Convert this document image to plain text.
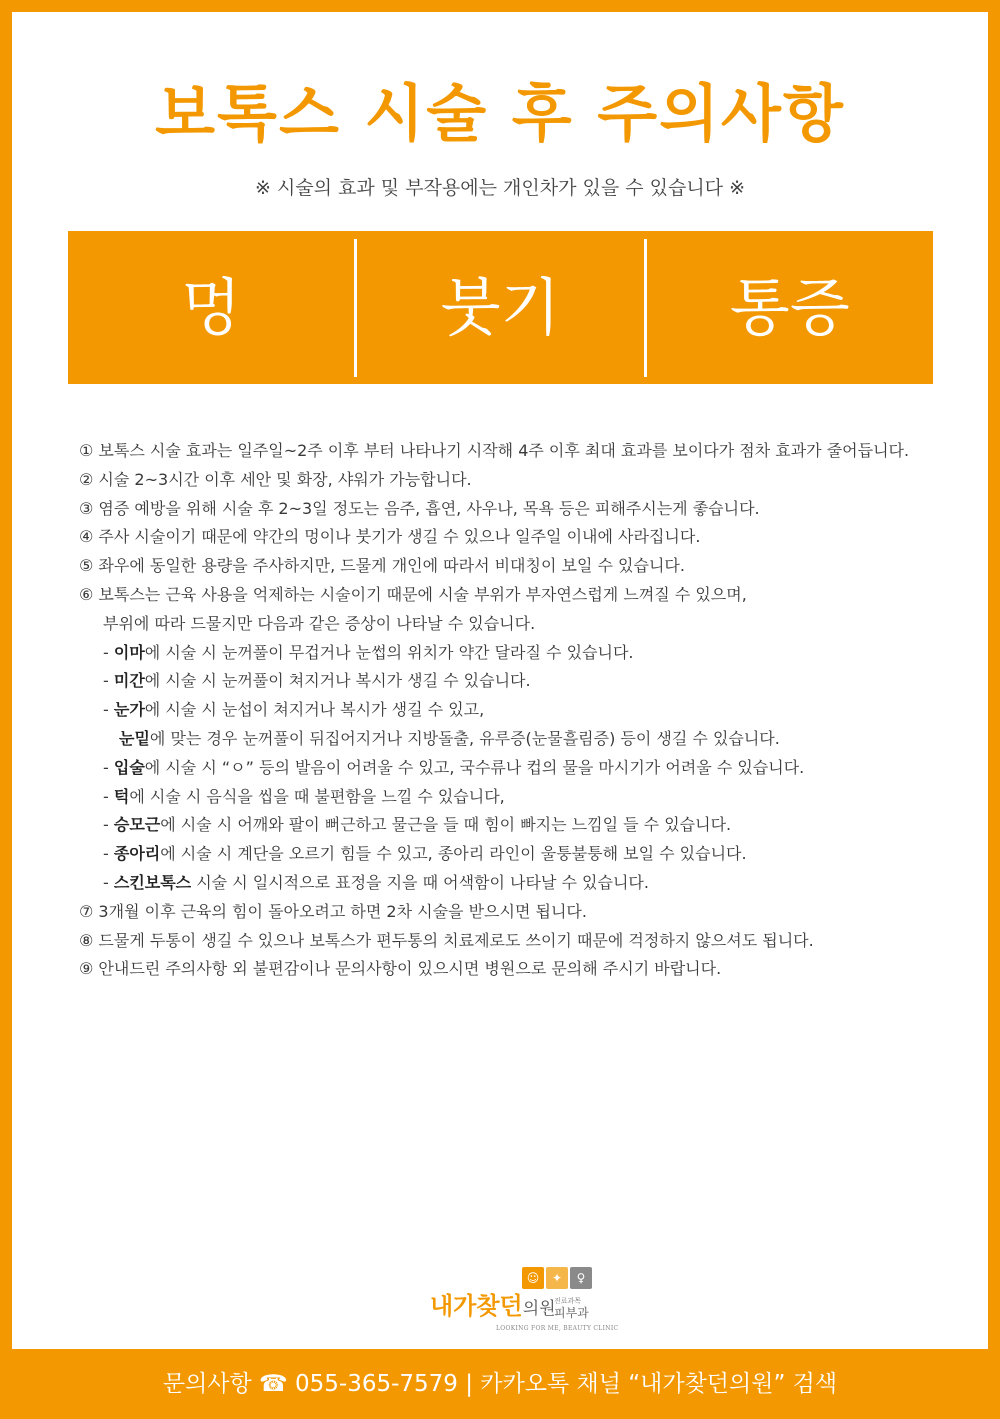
보톡스 시술 후 주의사항
※ 시술의 효과 및 부작용에는 개인차가 있을 수 있습니다 ※
멍	붓기	통증
① 보톡스 시술 효과는 일주일~2주 이후 부터 나타나기 시작해 4주 이후 최대 효과를 보이다가 점차 효과가 줄어듭니다.
② 시술 2~3시간 이후 세안 및 화장, 샤워가 가능합니다.
③ 염증 예방을 위해 시술 후 2~3일 정도는 음주, 흡연, 사우나, 목욕 등은 피해주시는게 좋습니다.
④ 주사 시술이기 때문에 약간의 멍이나 붓기가 생길 수 있으나 일주일 이내에 사라집니다.
⑤ 좌우에 동일한 용량을 주사하지만, 드물게 개인에 따라서 비대칭이 보일 수 있습니다.
⑥ 보톡스는 근육 사용을 억제하는 시술이기 때문에 시술 부위가 부자연스럽게 느껴질 수 있으며,
부위에 따라 드물지만 다음과 같은 증상이 나타날 수 있습니다.
- 이마에 시술 시 눈꺼풀이 무겁거나 눈썹의 위치가 약간 달라질 수 있습니다.
- 미간에 시술 시 눈꺼풀이 쳐지거나 복시가 생길 수 있습니다.
- 눈가에 시술 시 눈섭이 쳐지거나 복시가 생길 수 있고,
눈밑에 맞는 경우 눈꺼풀이 뒤집어지거나 지방돌출, 유루증(눈물흘림증) 등이 생길 수 있습니다.
- 입술에 시술 시 “ㅇ” 등의 발음이 어려울 수 있고, 국수류나 컵의 물을 마시기가 어려울 수 있습니다.
- 턱에 시술 시 음식을 씹을 때 불편함을 느낄 수 있습니다,
- 승모근에 시술 시 어깨와 팔이 뻐근하고 물근을 들 때 힘이 빠지는 느낌일 들 수 있습니다.
- 종아리에 시술 시 계단을 오르기 힘들 수 있고, 종아리 라인이 울퉁불퉁해 보일 수 있습니다.
- 스킨보톡스 시술 시 일시적으로 표정을 지을 때 어색함이 나타날 수 있습니다.
⑦ 3개월 이후 근육의 힘이 돌아오려고 하면 2차 시술을 받으시면 됩니다.
⑧ 드물게 두통이 생길 수 있으나 보톡스가 편두통의 치료제로도 쓰이기 때문에 걱정하지 않으셔도 됩니다.
⑨ 안내드린 주의사항 외 불편감이나 문의사항이 있으시면 병원으로 문의해 주시기 바랍니다.
☺	✦	♀
내가찾던의원
진료과목
피부과
LOOKING FOR ME, BEAUTY CLINIC
문의사항 ☎ 055-365-7579 | 카카오톡 채널 “내가찾던의원” 검색
